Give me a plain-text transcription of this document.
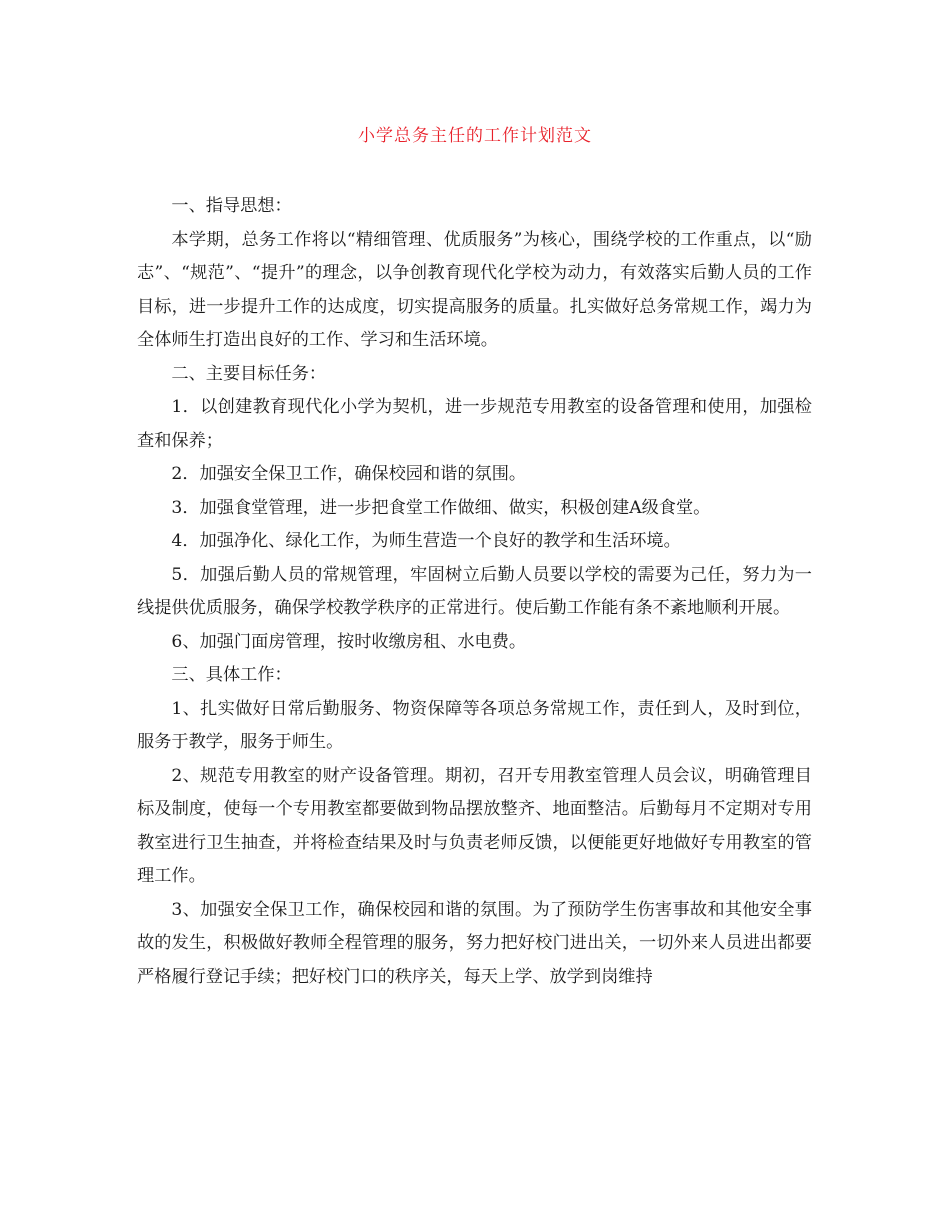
小学总务主任的工作计划范文

一、指导思想：

本学期，总务工作将以“精细管理、优质服务”为核心，围绕学校的工作重点，以“励志”、“规范”、“提升”的理念，以争创教育现代化学校为动力，有效落实后勤人员的工作目标，进一步提升工作的达成度，切实提高服务的质量。扎实做好总务常规工作，竭力为全体师生打造出良好的工作、学习和生活环境。

二、主要目标任务：

1．以创建教育现代化小学为契机，进一步规范专用教室的设备管理和使用，加强检查和保养；

2．加强安全保卫工作，确保校园和谐的氛围。

3．加强食堂管理，进一步把食堂工作做细、做实，积极创建A级食堂。

4．加强净化、绿化工作，为师生营造一个良好的教学和生活环境。

5．加强后勤人员的常规管理，牢固树立后勤人员要以学校的需要为己任，努力为一线提供优质服务，确保学校教学秩序的正常进行。使后勤工作能有条不紊地顺利开展。

6、加强门面房管理，按时收缴房租、水电费。

三、具体工作：

1、扎实做好日常后勤服务、物资保障等各项总务常规工作，责任到人，及时到位，服务于教学，服务于师生。

2、规范专用教室的财产设备管理。期初，召开专用教室管理人员会议，明确管理目标及制度，使每一个专用教室都要做到物品摆放整齐、地面整洁。后勤每月不定期对专用教室进行卫生抽查，并将检查结果及时与负责老师反馈，以便能更好地做好专用教室的管理工作。

3、加强安全保卫工作，确保校园和谐的氛围。为了预防学生伤害事故和其他安全事故的发生，积极做好教师全程管理的服务，努力把好校门进出关，一切外来人员进出都要严格履行登记手续；把好校门口的秩序关，每天上学、放学到岗维持
